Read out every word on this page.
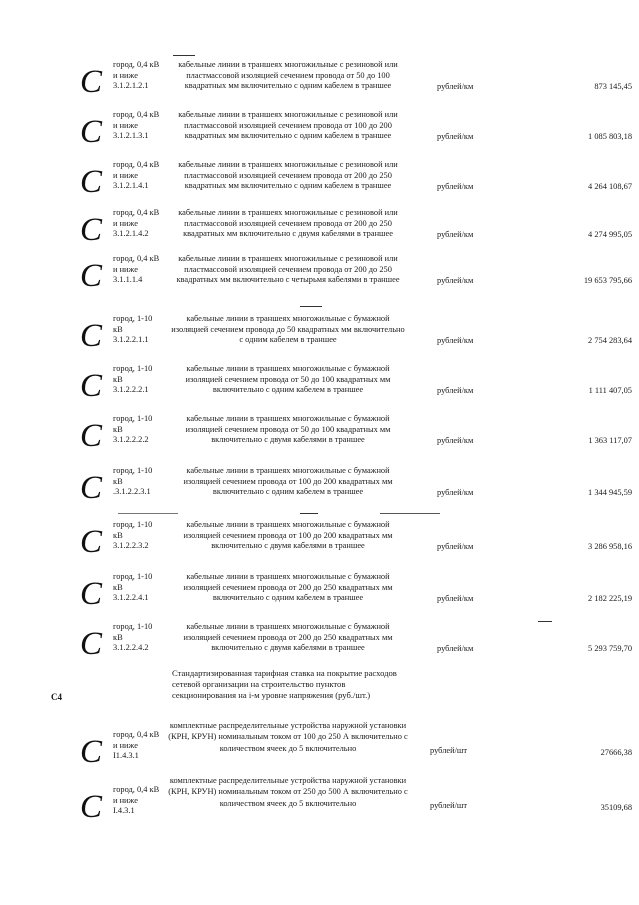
C	город, 0,4 кВ
и ниже
3.1.2.1.2.1
кабельные линии в траншеях многожильные с резиновой или пластмассовой изоляцией сечением провода от 50 до 100 квадратных мм включительно с одним кабелем в траншее	рублей/км	873 145,45
C	город, 0,4 кВ
и ниже
3.1.2.1.3.1
кабельные линии в траншеях многожильные с резиновой или пластмассовой изоляцией сечением провода от 100 до 200 квадратных мм включительно с одним кабелем в траншее	рублей/км	1 085 803,18
C	город, 0,4 кВ
и ниже
3.1.2.1.4.1
кабельные линии в траншеях многожильные с резиновой или пластмассовой изоляцией сечением провода от 200 до 250 квадратных мм включительно с одним кабелем в траншее	рублей/км	4 264 108,67
C	город, 0,4 кВ
и ниже
3.1.2.1.4.2
кабельные линии в траншеях многожильные с резиновой или пластмассовой изоляцией сечением провода от 200 до 250 квадратных мм включительно с двумя кабелями в траншее	рублей/км	4 274 995,05
C	город, 0,4 кВ
и ниже
3.1.1.1.4
кабельные линии в траншеях многожильные с резиновой или пластмассовой изоляцией сечением провода от 200 до 250 квадратных мм включительно с четырьмя кабелями в траншее	рублей/км	19 653 795,66
C	город, 1-10
кВ
3.1.2.2.1.1
кабельные линии в траншеях многожильные с бумажной изоляцией сечением провода до 50 квадратных мм включительно с одним кабелем в траншее	рублей/км	2 754 283,64
C	город, 1-10
кВ
3.1.2.2.2.1
кабельные линии в траншеях многожильные с бумажной изоляцией сечением провода от 50 до 100 квадратных мм включительно с одним кабелем в траншее	рублей/км	1 111 407,05
C	город, 1-10
кВ
3.1.2.2.2.2
кабельные линии в траншеях многожильные с бумажной изоляцией сечением провода от 50 до 100 квадратных мм включительно с двумя кабелями в траншее	рублей/км	1 363 117,07
C	город, 1-10
кВ
.3.1.2.2.3.1
кабельные линии в траншеях многожильные с бумажной изоляцией сечением провода от 100 до 200 квадратных мм включительно с одним кабелем в траншее	рублей/км	1 344 945,59
C	город, 1-10
кВ
3.1.2.2.3.2
кабельные линии в траншеях многожильные с бумажной изоляцией сечением провода от 100 до 200 квадратных мм включительно с двумя кабелями в траншее	рублей/км	3 286 958,16
C	город, 1-10
кВ
3.1.2.2.4.1
кабельные линии в траншеях многожильные с бумажной изоляцией сечением провода от 200 до 250 квадратных мм включительно с одним кабелем в траншее	рублей/км	2 182 225,19
C	город, 1-10
кВ
3.1.2.2.4.2
кабельные линии в траншеях многожильные с бумажной изоляцией сечением провода от 200 до 250 квадратных мм включительно с двумя кабелями в траншее	рублей/км	5 293 759,70
C	город, 0,4 кВ
и ниже
I1.4.3.1
комплектные распределительные устройства наружной установки (КРН, КРУН) номинальным током от 100 до 250 А включительно с количеством ячеек до 5 включительно	рублей/шт	27666,38
C	город, 0,4 кВ
и ниже
I.4.3.1
комплектные распределительные устройства наружной установки (КРН, КРУН) номинальным током от 250 до 500 А включительно с количеством ячеек до 5 включительно	рублей/шт	35109,68
C4
Стандартизированная тарифная ставка на покрытие расходов сетевой организации на строительство пунктов секционирования на i-м уровне напряжения (руб./шт.)
